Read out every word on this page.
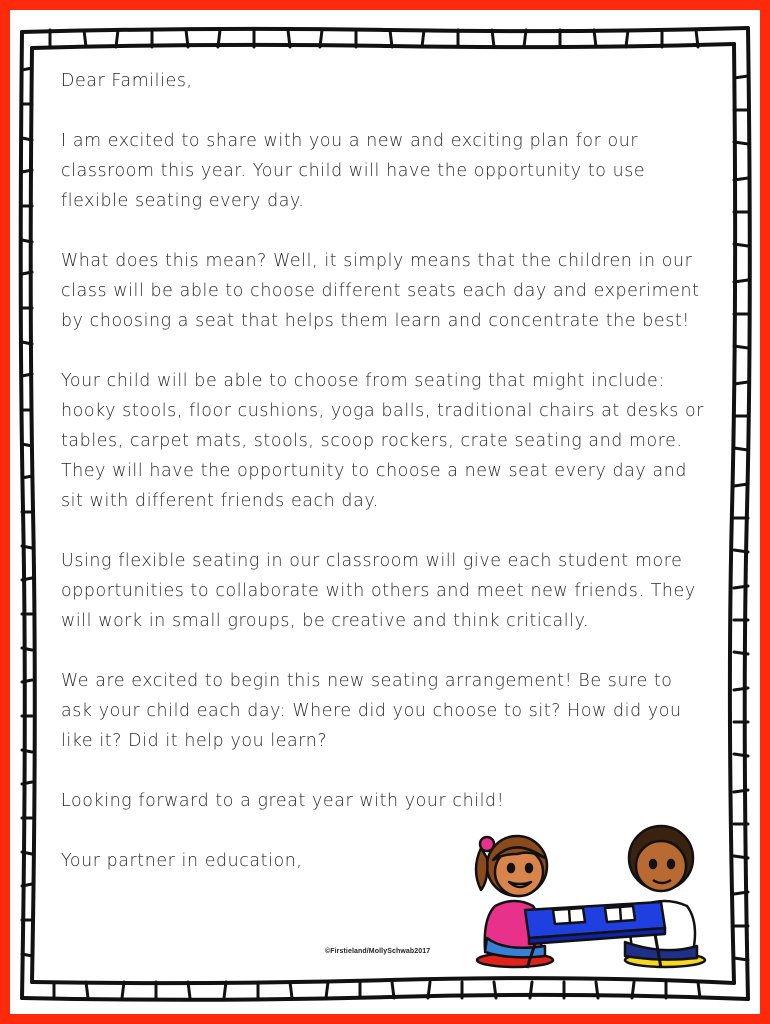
Dear Families,

I am excited to share with you a new and exciting plan for our
classroom this year. Your child will have the opportunity to use
flexible seating every day.

What does this mean? Well, it simply means that the children in our
class will be able to choose different seats each day and experiment
by choosing a seat that helps them learn and concentrate the best!

Your child will be able to choose from seating that might include:
hooky stools, floor cushions, yoga balls, traditional chairs at desks or
tables, carpet mats, stools, scoop rockers, crate seating and more.
They will have the opportunity to choose a new seat every day and
sit with different friends each day.

Using flexible seating in our classroom will give each student more
opportunities to collaborate with others and meet new friends. They
will work in small groups, be creative and think critically.

We are excited to begin this new seating arrangement! Be sure to
ask your child each day: Where did you choose to sit? How did you
like it? Did it help you learn?

Looking forward to a great year with your child!

Your partner in education,

©Firstieland/MollySchwab2017
